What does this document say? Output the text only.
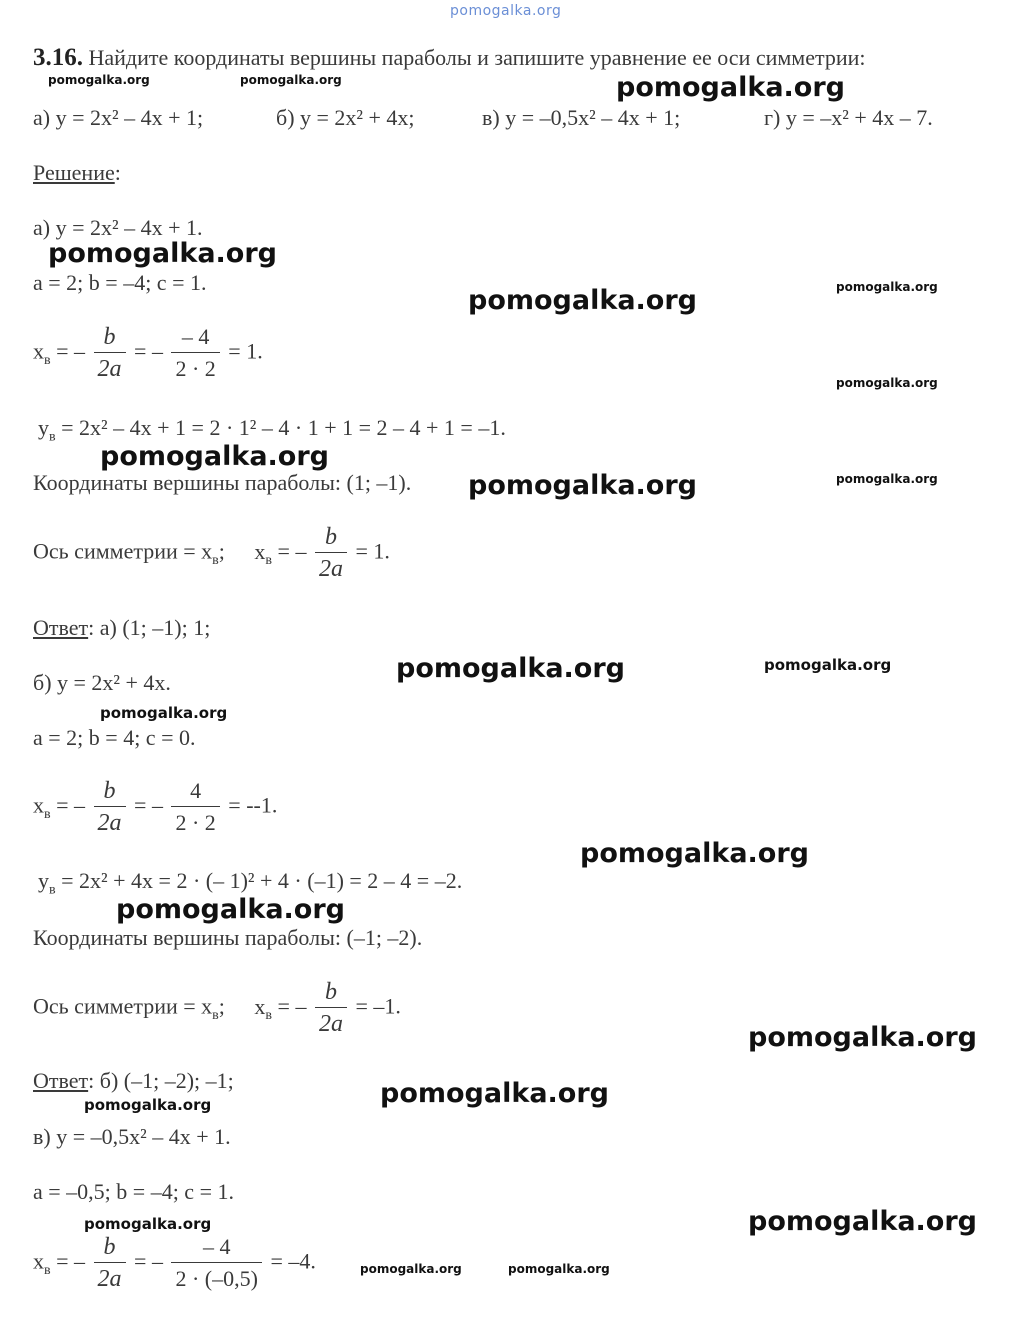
pomogalka.org
3.16. Найдите координаты вершины параболы и запишите уравнение ее оси симметрии:
pomogalka.org	pomogalka.org	pomogalka.org
а) y = 2x² – 4x + 1;	б) y = 2x² + 4x;	в) y = –0,5x² – 4x + 1;	г) y = –x² + 4x – 7.
Решение:
а) y = 2x² – 4x + 1.
pomogalka.org
a = 2; b = –4; c = 1.
pomogalka.org	pomogalka.org
$x_в$ = – $\frac{b}{2a}$ = – $\frac{- 4}{2 \cdot 2} = 1$.
pomogalka.org
$y_в = 2x^2 - 4x + 1 = 2 \cdot 1^2 - 4 \cdot 1 + 1 = 2 - 4 + 1 = -1$.
pomogalka.org
Координаты вершины параболы: (1; –1). pomogalka.org	pomogalka.org
Ось симметрии = $x_в$; $x_в$ = – $\frac{b}{2a} = 1$.
Ответ: а) (1; –1); 1;
pomogalka.org	pomogalka.org
б) y = 2x² + 4x.
pomogalka.org
a = 2; b = 4; c = 0.
$x_в$ = – $\frac{b}{2a}$ = – $\frac{4}{2 \cdot 2} = --1$.
pomogalka.org
$y_в = 2x^2 + 4x = 2$ · (– 1)² + 4 · (–1) = 2 – 4 = –2.
pomogalka.org
Координаты вершины параболы: (–1; –2).
Ось симметрии = $x_в$; $x_в$ = – $\frac{b}{2a} = -1$.
pomogalka.org
Ответ: б) (–1; –2); –1;	pomogalka.org
pomogalka.org
в) y = –0,5x² – 4x + 1.
a = –0,5; b = –4; c = 1.
pomogalka.org
pomogalka.org
$x_в$ = – $\frac{b}{2a}$ = – $\frac{- 4}{2 \cdot (-0,5)} = -4$.	pomogalka.org	pomogalka.org
